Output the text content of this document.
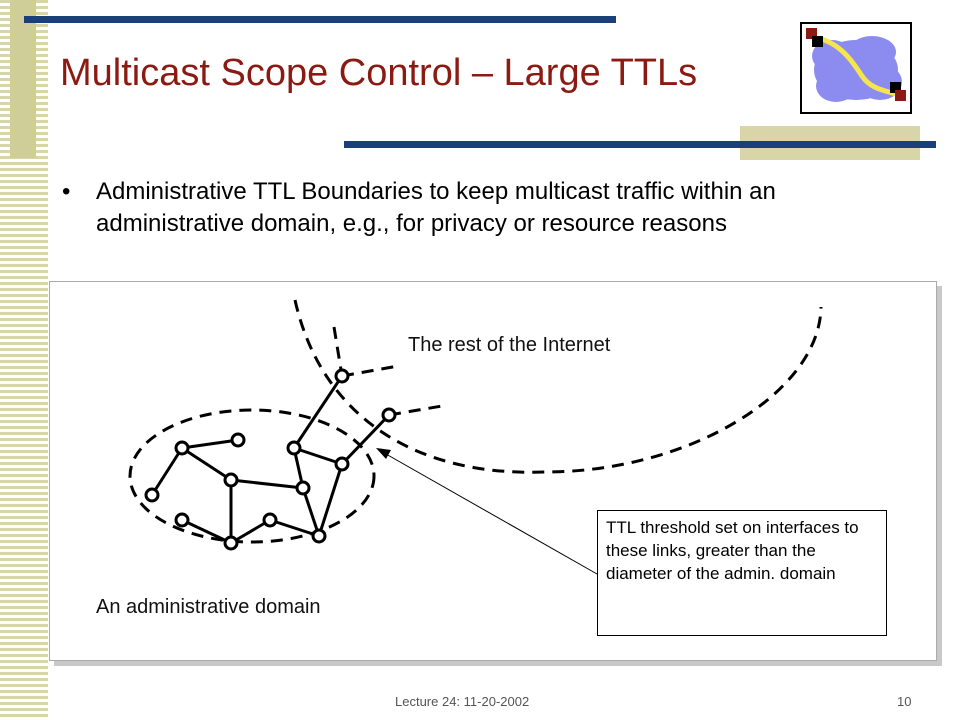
Multicast Scope Control – Large TTLs
• Administrative TTL Boundaries to keep multicast traffic within an administrative domain, e.g., for privacy or resource reasons
The rest of the Internet
An administrative domain
TTL threshold set on interfaces to these links, greater than the diameter of the admin. domain
Lecture 24: 11-20-2002	10
